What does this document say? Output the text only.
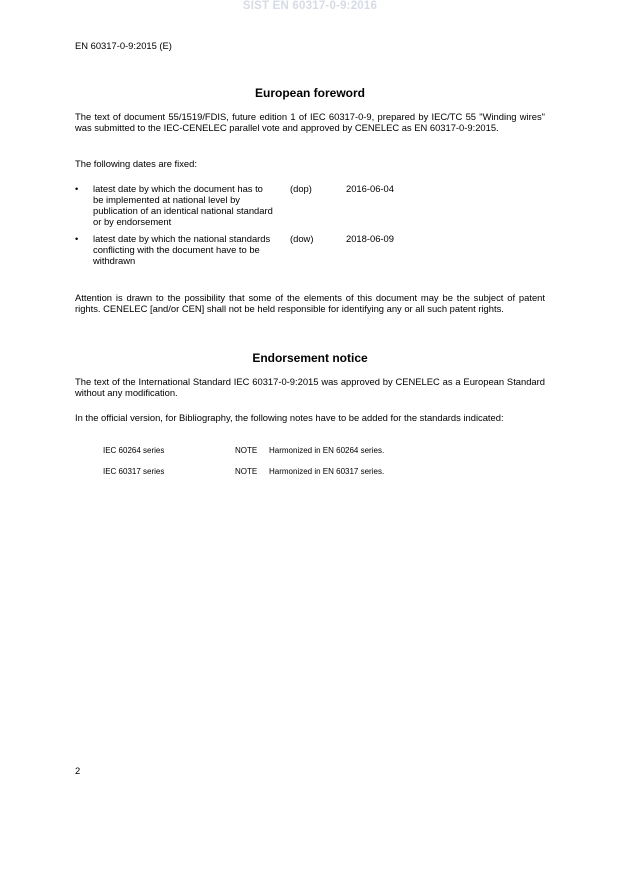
SIST EN 60317-0-9:2016
EN 60317-0-9:2015 (E)
European foreword

The text of document 55/1519/FDIS, future edition 1 of IEC 60317-0-9, prepared by IEC/TC 55 "Winding wires" was submitted to the IEC-CENELEC parallel vote and approved by CENELEC as EN 60317-0-9:2015.

The following dates are fixed:

• latest date by which the document has to be implemented at national level by publication of an identical national standard or by endorsement
(dop)	2016-06-04
• latest date by which the national standards conflicting with the document have to be withdrawn
(dow)	2018-06-09

Attention is drawn to the possibility that some of the elements of this document may be the subject of patent rights. CENELEC [and/or CEN] shall not be held responsible for identifying any or all such patent rights.

Endorsement notice

The text of the International Standard IEC 60317-0-9:2015 was approved by CENELEC as a European Standard without any modification.

In the official version, for Bibliography, the following notes have to be added for the standards indicated:

IEC 60264 series	NOTE Harmonized in EN 60264 series.
IEC 60317 series	NOTE Harmonized in EN 60317 series.
2
